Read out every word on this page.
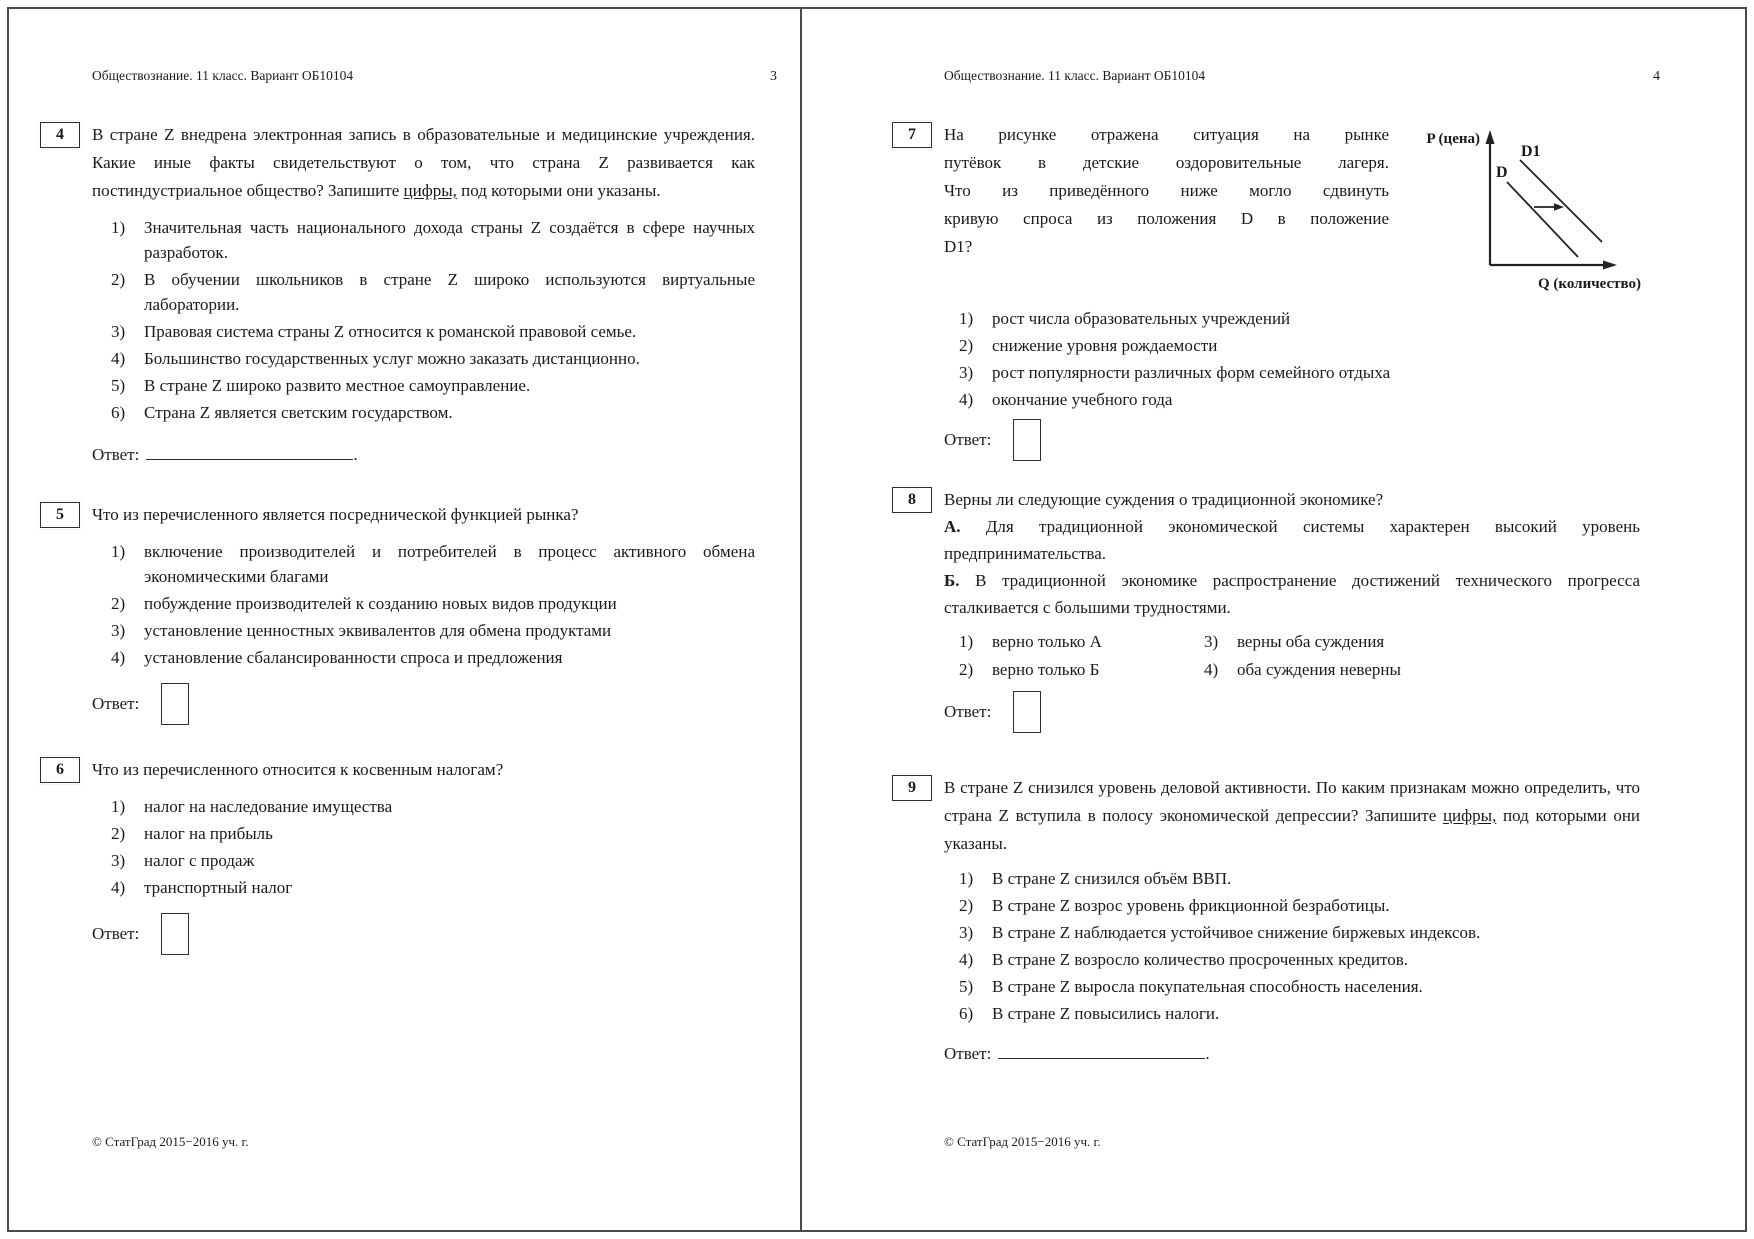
Обществознание. 11 класс. Вариант ОБ10104	3
4 В стране Z внедрена электронная запись в образовательные и медицинские учреждения. Какие иные факты свидетельствуют о том, что страна Z развивается как постиндустриальное общество? Запишите цифры, под которыми они указаны.

1)	Значительная часть национального дохода страны Z создаётся в сфере научных разработок.
2)	В обучении школьников в стране Z широко используются виртуальные лаборатории.
3)	Правовая система страны Z относится к романской правовой семье.
4)	Большинство государственных услуг можно заказать дистанционно.
5)	В стране Z широко развито местное самоуправление.
6)	Страна Z является светским государством.
Ответ:	.
5 Что из перечисленного является посреднической функцией рынка?

1)	включение производителей и потребителей в процесс активного обмена экономическими благами
2)	побуждение производителей к созданию новых видов продукции
3)	установление ценностных эквивалентов для обмена продуктами
4)	установление сбалансированности спроса и предложения
Ответ:
6 Что из перечисленного относится к косвенным налогам?

1)	налог на наследование имущества
2)	налог на прибыль
3)	налог с продаж
4)	транспортный налог
Ответ:
© СтатГрад 2015−2016 уч. г.
Обществознание. 11 класс. Вариант ОБ10104	4
7 На рисунке отражена ситуация на рынке
путёвок в детские оздоровительные лагеря.
Что из приведённого ниже могло сдвинуть
кривую спроса из положения D в положение
D1?
P (цена)
D
D1
Q (количество)
1)	рост числа образовательных учреждений
2)	снижение уровня рождаемости
3)	рост популярности различных форм семейного отдыха
4)	окончание учебного года
Ответ:
8 Верны ли следующие суждения о традиционной экономике?

А. Для традиционной экономической системы характерен высокий уровень предпринимательства.

Б. В традиционной экономике распространение достижений технического прогресса сталкивается с большими трудностями.

1)	верно только А
2)	верно только Б
3)	верны оба суждения
4)	оба суждения неверны
Ответ:
9 В стране Z снизился уровень деловой активности. По каким признакам можно определить, что страна Z вступила в полосу экономической депрессии? Запишите цифры, под которыми они указаны.

1)	В стране Z снизился объём ВВП.
2)	В стране Z возрос уровень фрикционной безработицы.
3)	В стране Z наблюдается устойчивое снижение биржевых индексов.
4)	В стране Z возросло количество просроченных кредитов.
5)	В стране Z выросла покупательная способность населения.
6)	В стране Z повысились налоги.
Ответ:	.
© СтатГрад 2015−2016 уч. г.
